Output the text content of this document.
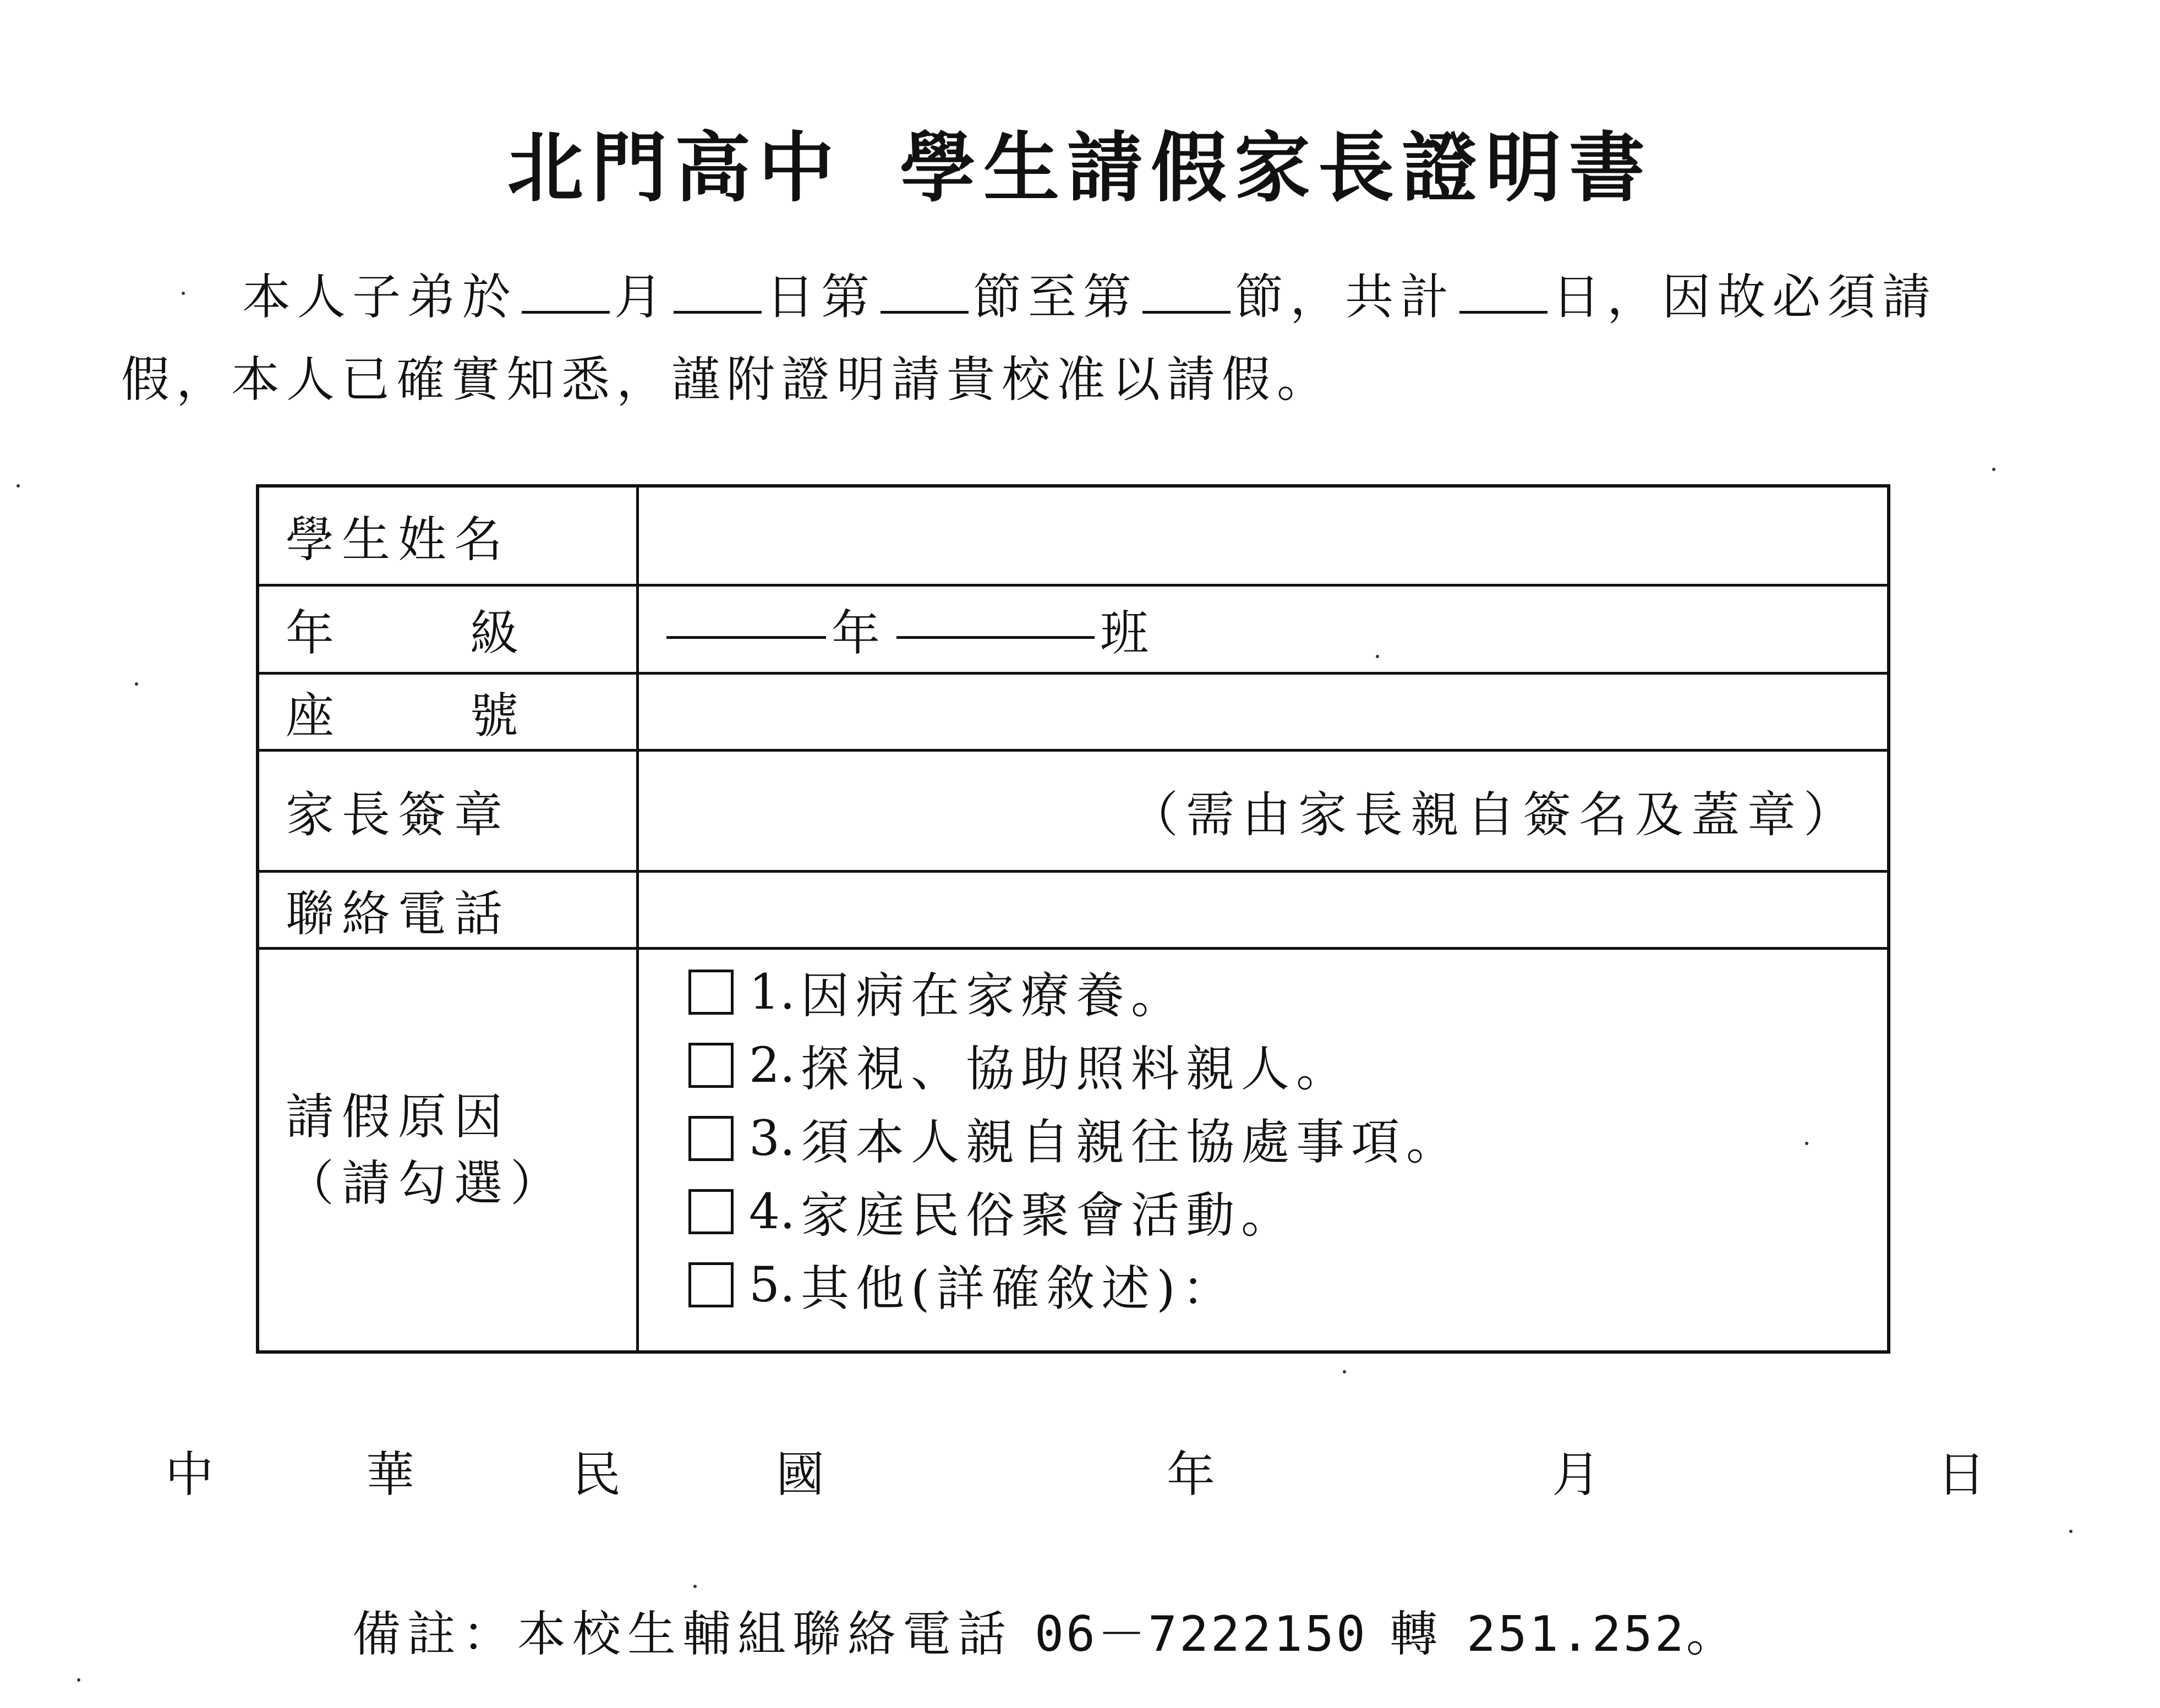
北門高中 學生請假家長證明書
本人子弟於 月 日第 節至第 節，共計 日，因故必須請
假，本人已確實知悉，謹附證明請貴校准以請假。
學生姓名
年	級	年	班
座	號
家長簽章	（需由家長親自簽名及蓋章）
聯絡電話
請假原因
（請勾選）
1. 因病在家療養。
2. 探視、協助照料親人。
3. 須本人親自親往協處事項。
4. 家庭民俗聚會活動。
5. 其他(詳確敘述)：
中	華	民	國	年	月	日
備註：本校生輔組聯絡電話 06－7222150 轉 251.252。
